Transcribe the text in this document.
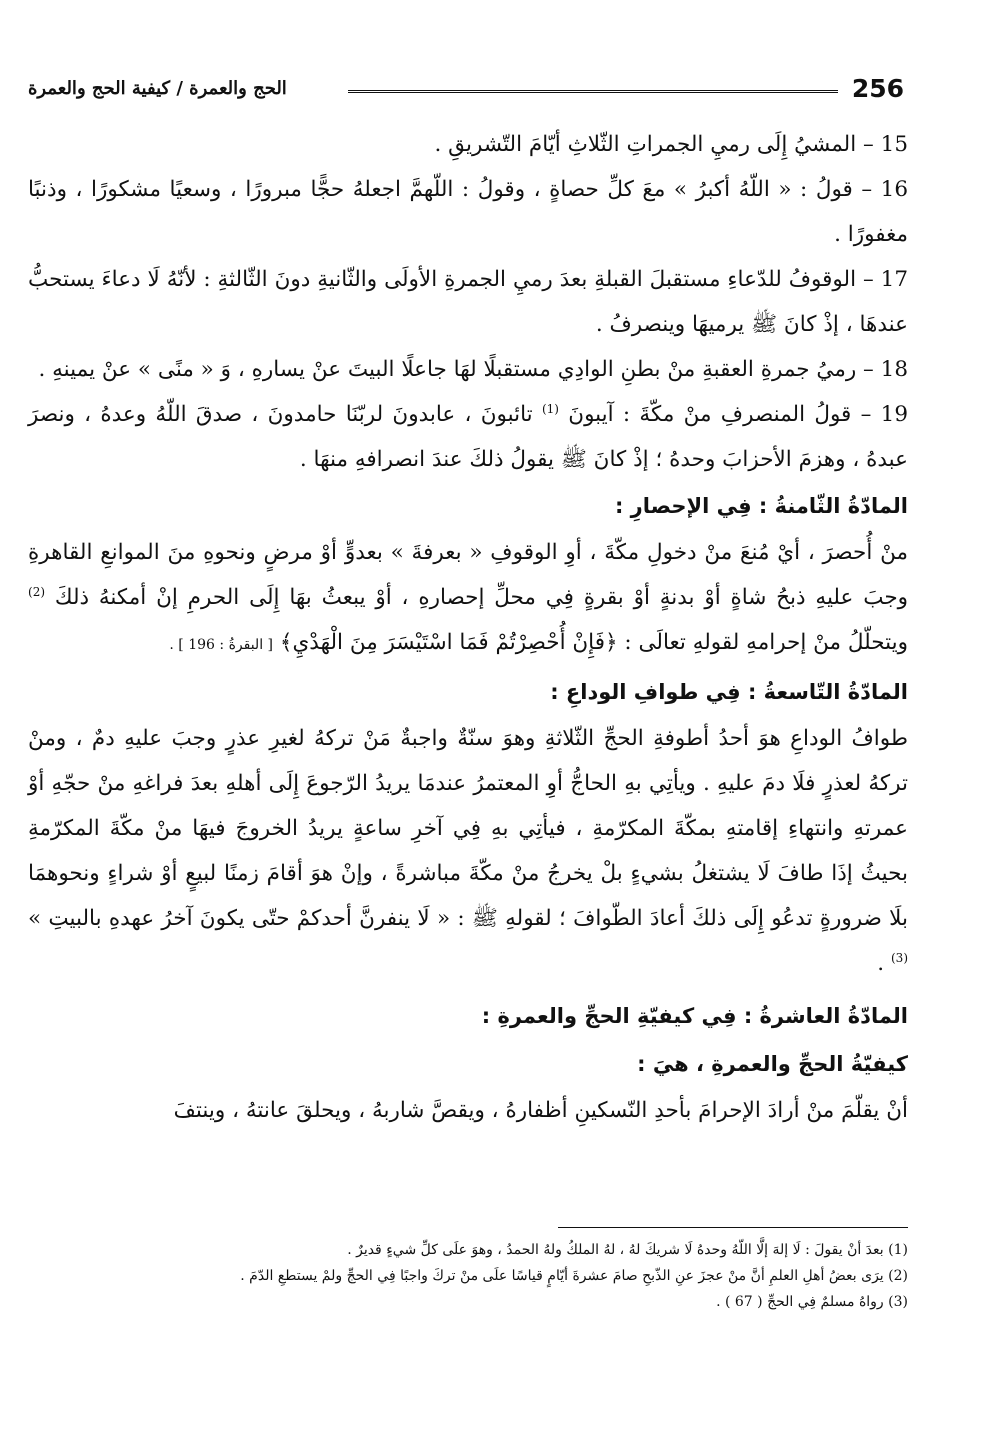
256
الحج والعمرة / كيفية الحج والعمرة

15 – المشيُ إِلَى رميِ الجمراتِ الثّلاثِ أيّامَ التّشريقِ .

16 – قولُ : « اللّهُ أكبرُ » معَ كلِّ حصاةٍ ، وقولُ : اللّهمَّ اجعلهُ حجًّا مبرورًا ، وسعيًا مشكورًا ، وذنبًا مغفورًا .

17 – الوقوفُ للدّعاءِ مستقبلَ القبلةِ بعدَ رميِ الجمرةِ الأولَى والثّانيةِ دونَ الثّالثةِ : لأنّهُ لَا دعاءَ يستحبُّ عندهَا ، إذْ كانَ ﷺ يرميهَا وينصرفُ .

18 – رميُ جمرةِ العقبةِ منْ بطنِ الوادِي مستقبلًا لهَا جاعلًا البيتَ عنْ يسارهِ ، وَ « منًى » عنْ يمينهِ .

19 – قولُ المنصرفِ منْ مكّةَ : آيبونَ $^{(1)}$ تائبونَ ، عابدونَ لربّنَا حامدونَ ، صدقَ اللّهُ وعدهُ ، ونصرَ عبدهُ ، وهزمَ الأحزابَ وحدهُ ؛ إذْ كانَ ﷺ يقولُ ذلكَ عندَ انصرافهِ منهَا .

المادّةُ الثّامنةُ : فِي الإحصارِ :

منْ أُحصرَ ، أيْ مُنعَ منْ دخولِ مكّةَ ، أوِ الوقوفِ « بعرفةَ » بعدوٍّ أوْ مرضٍ ونحوهِ منَ الموانعِ القاهرةِ وجبَ عليهِ ذبحُ شاةٍ أوْ بدنةٍ أوْ بقرةٍ فِي محلِّ إحصارهِ ، أوْ يبعثُ بهَا إِلَى الحرمِ إنْ أمكنهُ ذلكَ $^{(2)}$ ويتحلّلُ منْ إحرامهِ لقولهِ تعالَى : ﴿فَإِنْ أُحْصِرْتُمْ فَمَا اسْتَيْسَرَ مِنَ الْهَدْيِ﴾ [ البقرةُ : 196 ] .

المادّةُ التّاسعةُ : فِي طوافِ الوداعِ :

طوافُ الوداعِ هوَ أحدُ أطوفةِ الحجِّ الثّلاثةِ وهوَ سنّةٌ واجبةٌ مَنْ تركهُ لغيرِ عذرٍ وجبَ عليهِ دمٌ ، ومنْ تركهُ لعذرٍ فلَا دمَ عليهِ . ويأتِي بهِ الحاجُّ أوِ المعتمرُ عندمَا يريدُ الرّجوعَ إِلَى أهلهِ بعدَ فراغهِ منْ حجّهِ أوْ عمرتهِ وانتهاءِ إقامتهِ بمكّةَ المكرّمةِ ، فيأتِي بهِ فِي آخرِ ساعةٍ يريدُ الخروجَ فيهَا منْ مكّةَ المكرّمةِ بحيثُ إذَا طافَ لَا يشتغلُ بشيءٍ بلْ يخرجُ منْ مكّةَ مباشرةً ، وإنْ هوَ أقامَ زمنًا لبيعٍ أوْ شراءٍ ونحوهمَا بلَا ضرورةٍ تدعُو إِلَى ذلكَ أعادَ الطّوافَ ؛ لقولهِ ﷺ : « لَا ينفرنَّ أحدكمْ حتّى يكونَ آخرُ عهدهِ بالبيتِ » $^{(3)}$ .

المادّةُ العاشرةُ : فِي كيفيّةِ الحجِّ والعمرةِ :

كيفيّةُ الحجِّ والعمرةِ ، هيَ :

أنْ يقلّمَ منْ أرادَ الإحرامَ بأحدِ النّسكينِ أظفارهُ ، ويقصَّ شاربهُ ، ويحلقَ عانتهُ ، وينتفَ

(1) بعدَ أنْ يقولَ : لَا إلهَ إلَّا اللّهُ وحدهُ لَا شريكَ لهُ ، لهُ الملكُ ولهُ الحمدُ ، وهوَ علَى كلِّ شيءٍ قديرٌ .

(2) يرَى بعضُ أهلِ العلمِ أنَّ منْ عجزَ عنِ الذّبحِ صامَ عشرةَ أيّامٍ قياسًا علَى منْ تركَ واجبًا فِي الحجِّ ولمْ يستطعِ الدّمَ .

(3) رواهُ مسلمٌ فِي الحجِّ ( 67 ) .
